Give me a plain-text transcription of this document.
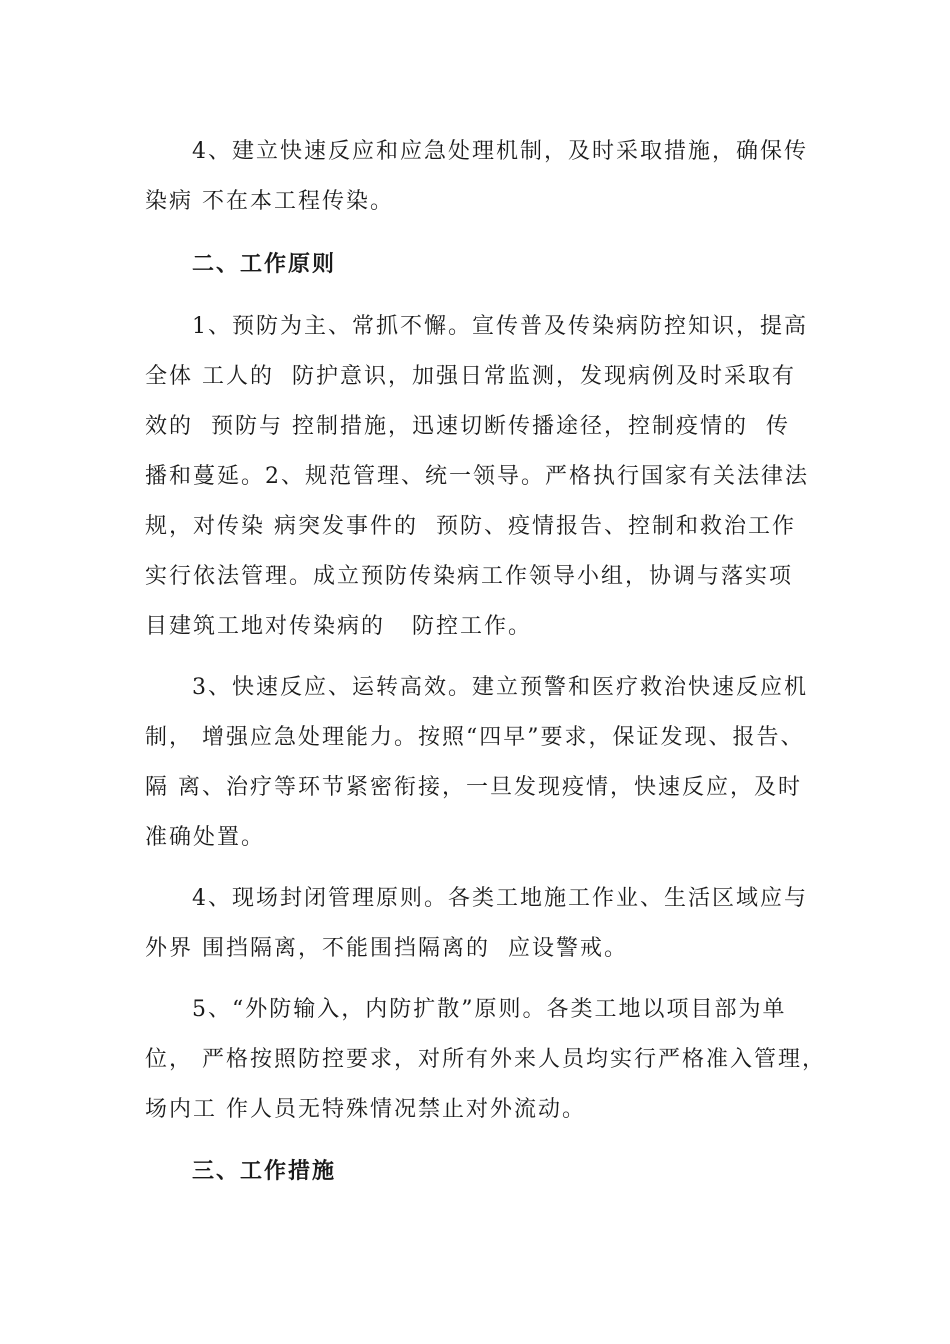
4、建立快速反应和应急处理机制，及时采取措施，确保传
染病 不在本工程传染。
二、工作原则
1、预防为主、常抓不懈。宣传普及传染病防控知识，提高
全体 工人的  防护意识，加强日常监测，发现病例及时采取有
效的  预防与 控制措施，迅速切断传播途径，控制疫情的  传
播和蔓延。2、规范管理、统一领导。严格执行国家有关法律法
规，对传染 病突发事件的  预防、疫情报告、控制和救治工作
实行依法管理。成立预防传染病工作领导小组，协调与落实项
目建筑工地对传染病的   防控工作。
3、快速反应、运转高效。建立预警和医疗救治快速反应机
制， 增强应急处理能力。按照“四早”要求，保证发现、报告、
隔 离、治疗等环节紧密衔接，一旦发现疫情，快速反应，及时
准确处置。
4、现场封闭管理原则。各类工地施工作业、生活区域应与
外界 围挡隔离，不能围挡隔离的  应设警戒。
5、“外防输入，内防扩散”原则。各类工地以项目部为单
位， 严格按照防控要求，对所有外来人员均实行严格准入管理，
场内工 作人员无特殊情况禁止对外流动。
三、工作措施
